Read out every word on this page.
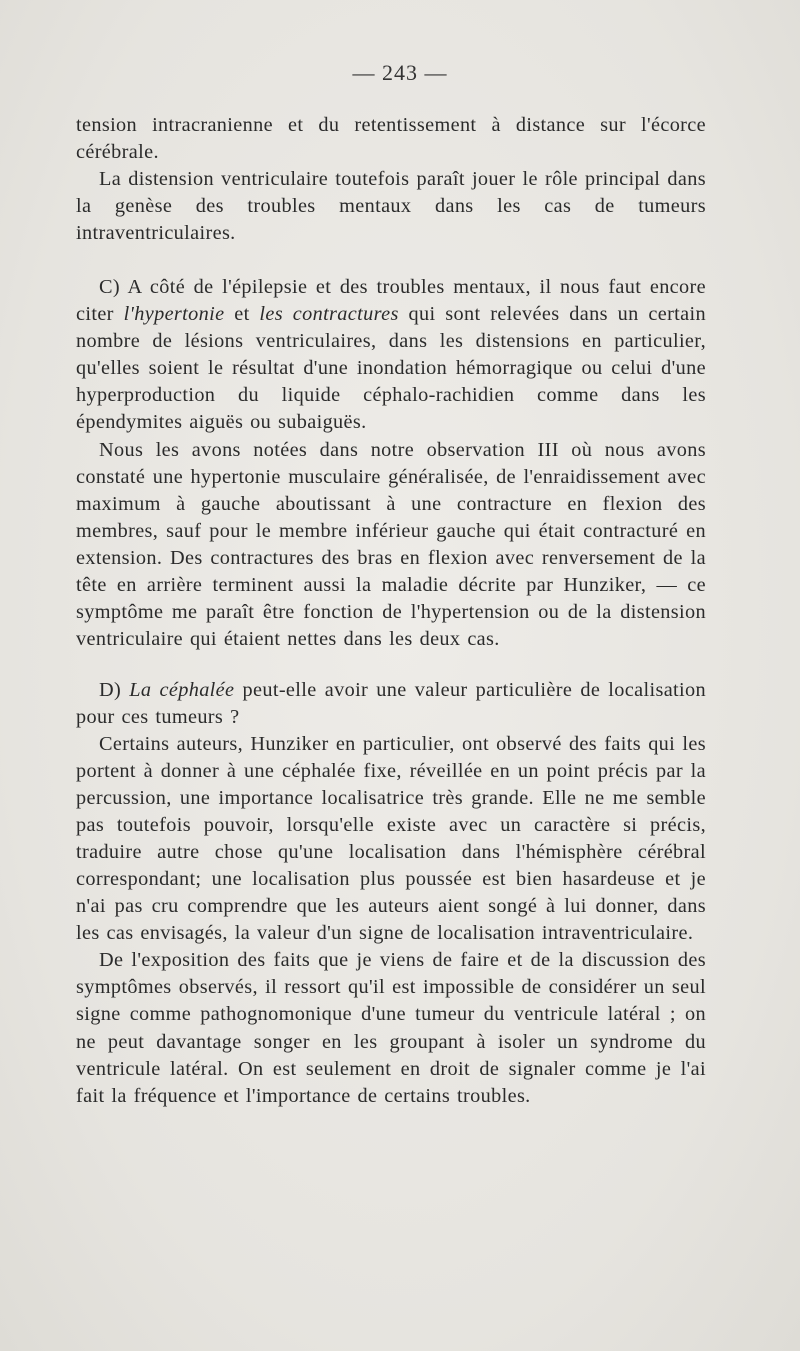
— 243 —

tension intracranienne et du retentissement à distance sur l'écorce cérébrale.

La distension ventriculaire toutefois paraît jouer le rôle principal dans la genèse des troubles mentaux dans les cas de tumeurs intraventriculaires.

C) A côté de l'épilepsie et des troubles mentaux, il nous faut encore citer l'hypertonie et les contractures qui sont relevées dans un certain nombre de lésions ventriculaires, dans les distensions en particulier, qu'elles soient le résultat d'une inondation hémorragique ou celui d'une hyperproduction du liquide céphalo-rachidien comme dans les épendymites aiguës ou subaiguës.

Nous les avons notées dans notre observation III où nous avons constaté une hypertonie musculaire généralisée, de l'enraidissement avec maximum à gauche aboutissant à une contracture en flexion des membres, sauf pour le membre inférieur gauche qui était contracturé en extension. Des contractures des bras en flexion avec renversement de la tête en arrière terminent aussi la maladie décrite par Hunziker, — ce symptôme me paraît être fonction de l'hypertension ou de la distension ventriculaire qui étaient nettes dans les deux cas.

D) La céphalée peut-elle avoir une valeur particulière de localisation pour ces tumeurs ?

Certains auteurs, Hunziker en particulier, ont observé des faits qui les portent à donner à une céphalée fixe, réveillée en un point précis par la percussion, une importance localisatrice très grande. Elle ne me semble pas toutefois pouvoir, lorsqu'elle existe avec un caractère si précis, traduire autre chose qu'une localisation dans l'hémisphère cérébral correspondant; une localisation plus poussée est bien hasardeuse et je n'ai pas cru comprendre que les auteurs aient songé à lui donner, dans les cas envisagés, la valeur d'un signe de localisation intraventriculaire.

De l'exposition des faits que je viens de faire et de la discussion des symptômes observés, il ressort qu'il est impossible de considérer un seul signe comme pathognomonique d'une tumeur du ventricule latéral ; on ne peut davantage songer en les groupant à isoler un syndrome du ventricule latéral. On est seulement en droit de signaler comme je l'ai fait la fréquence et l'importance de certains troubles.
